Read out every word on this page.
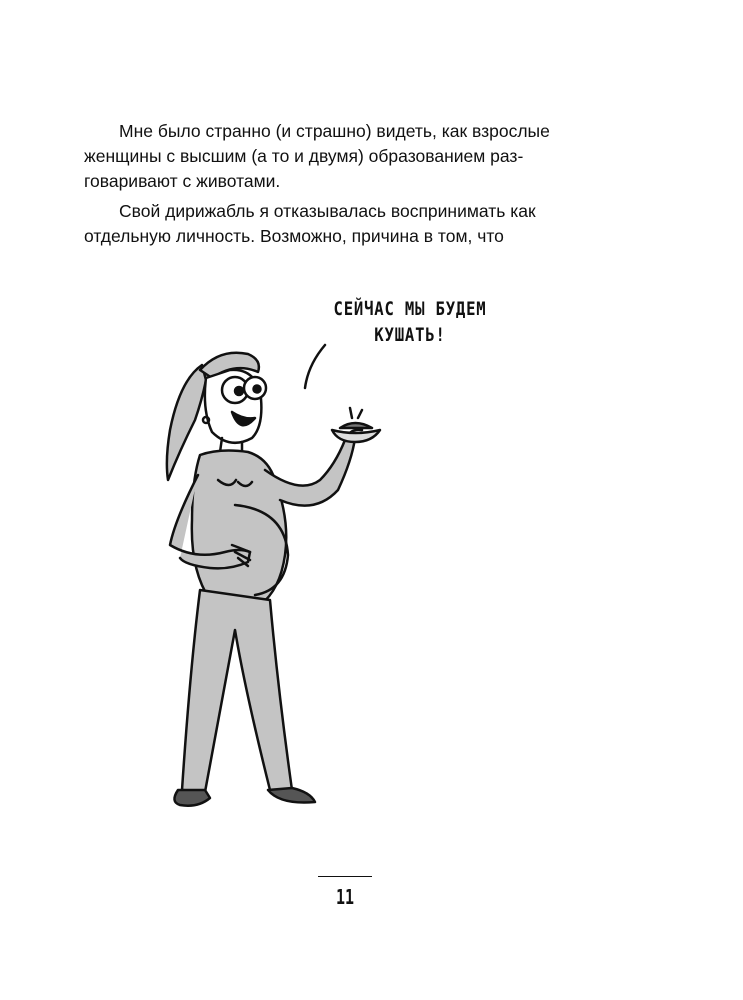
Мне было странно (и страшно) видеть, как взрослые
женщины с высшим (а то и двумя) образованием раз-
говаривают с животами.

Свой дирижабль я отказывалась воспринимать как
отдельную личность. Возможно, причина в том, что

СЕЙЧАС МЫ БУДЕМ
КУШАТЬ!
11
